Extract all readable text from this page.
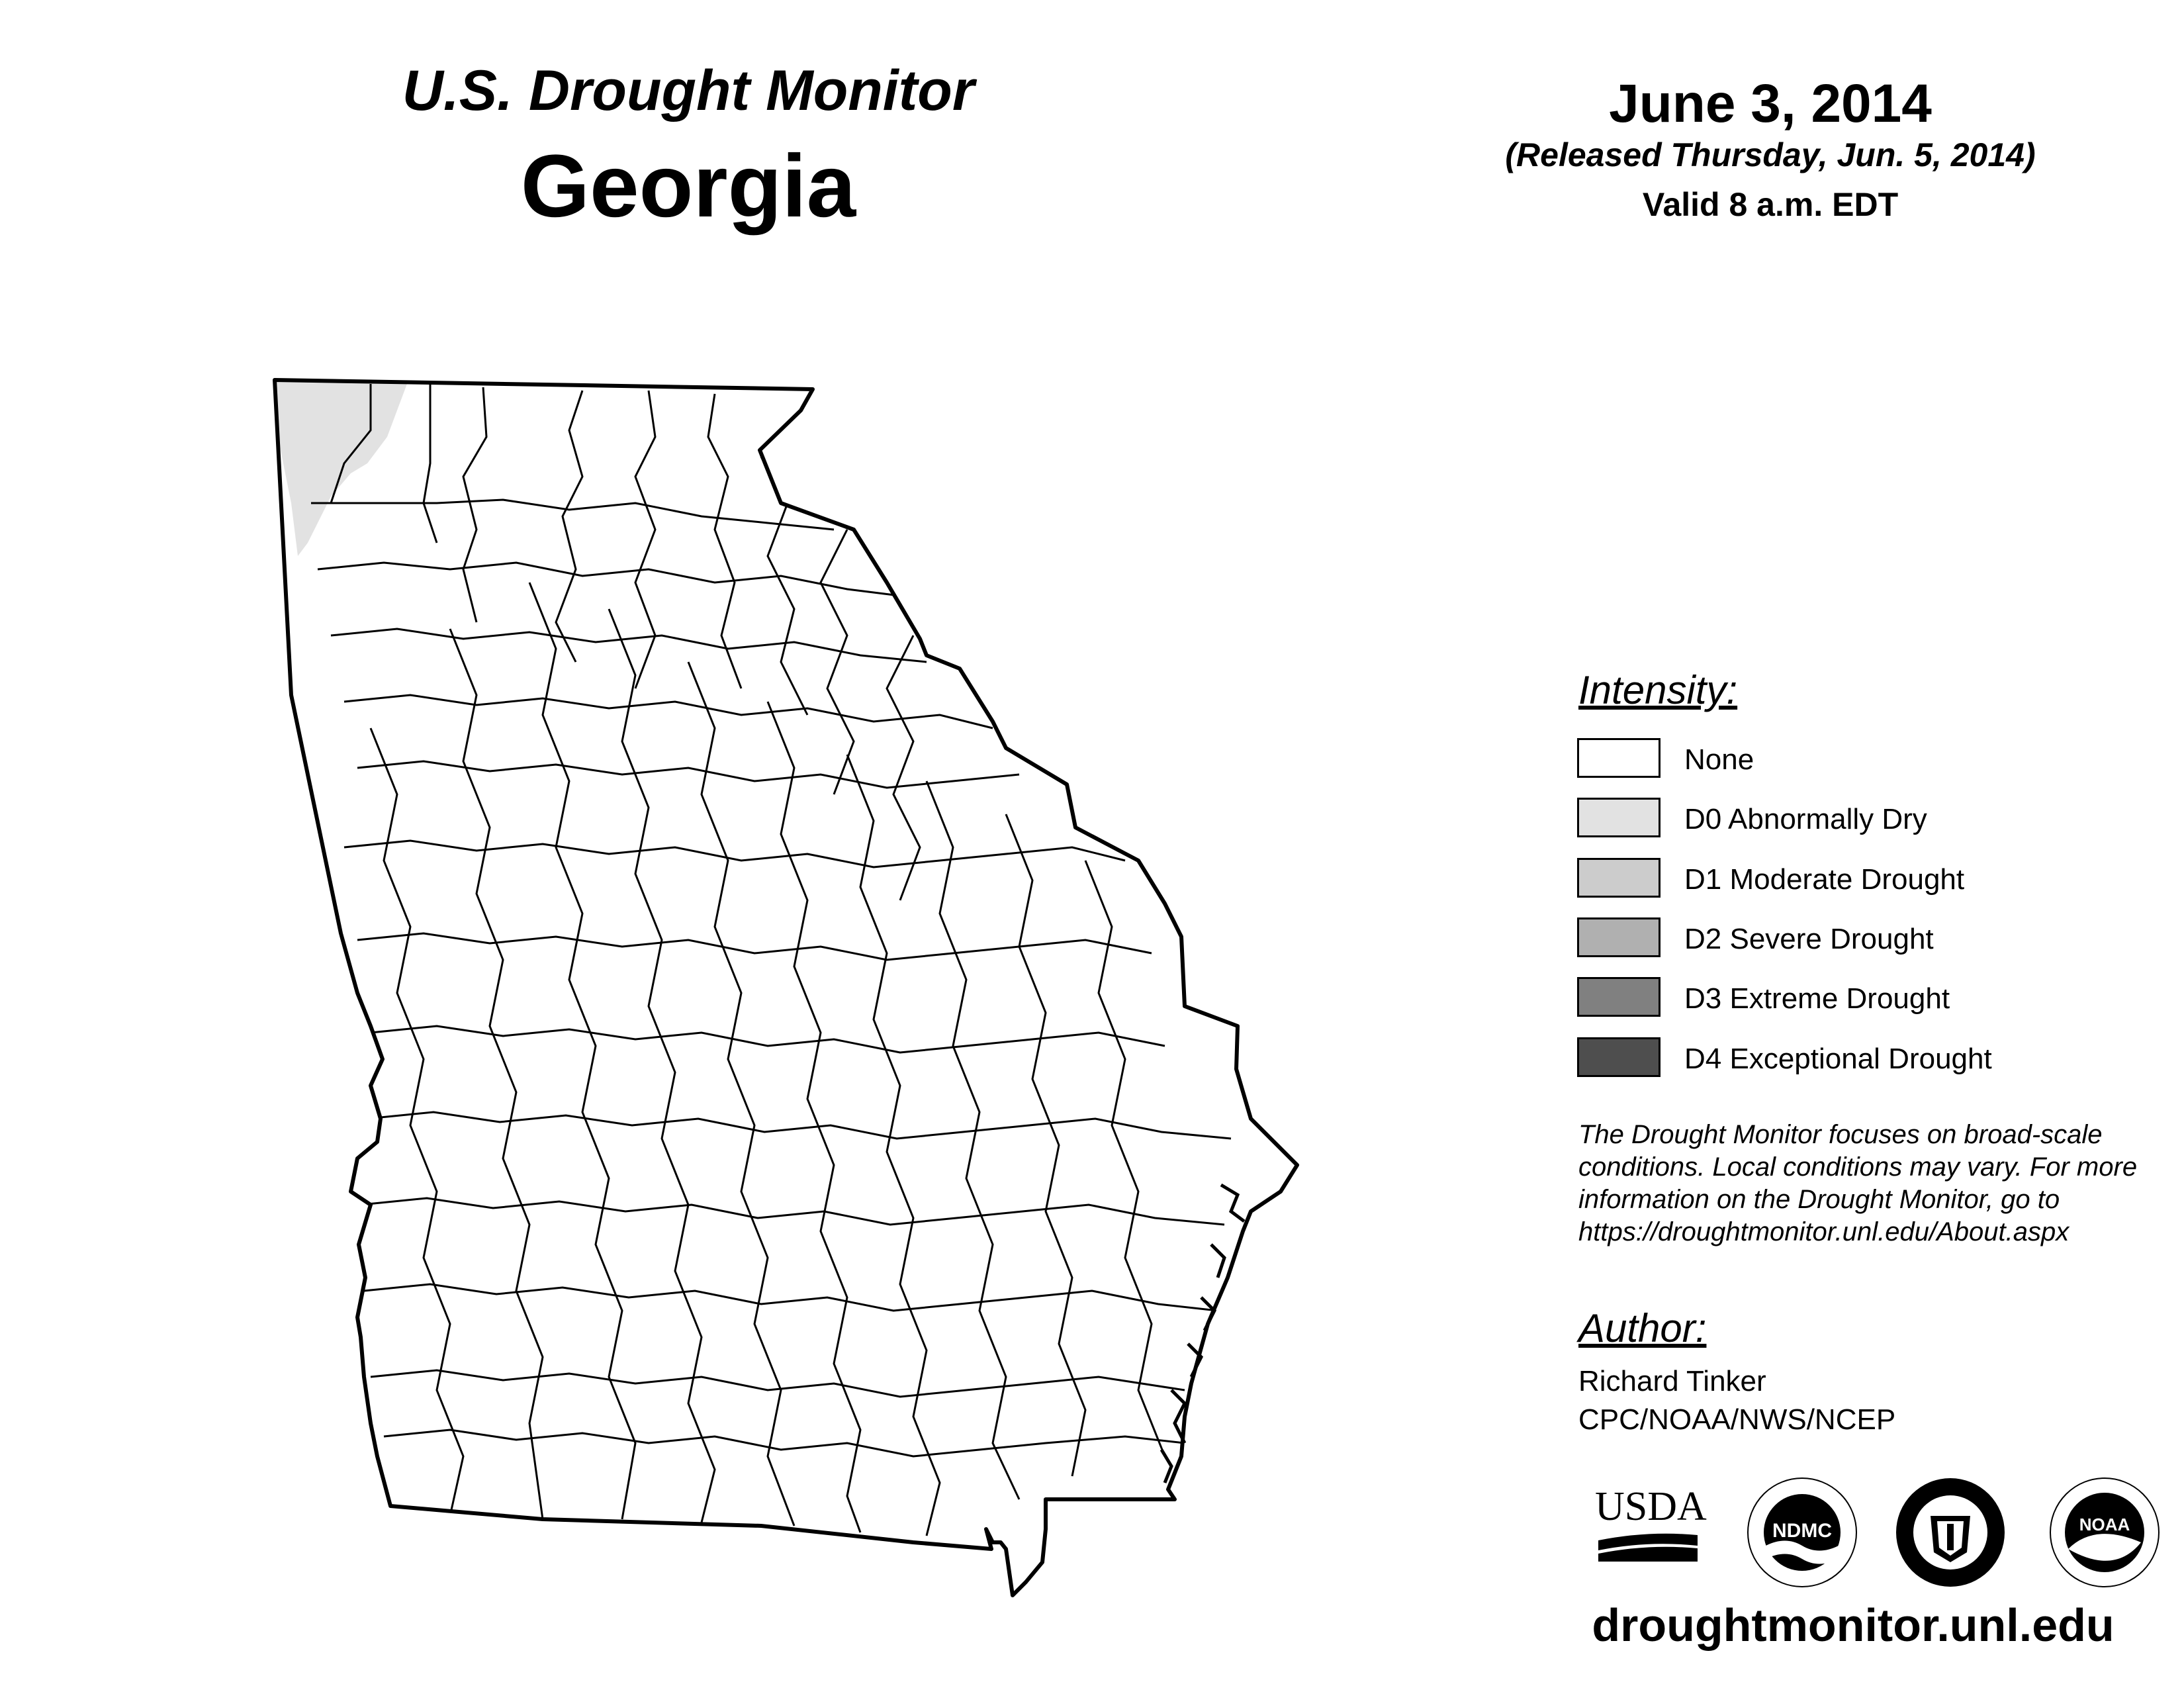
U.S. Drought Monitor
Georgia
June 3, 2014
(Released Thursday, Jun. 5, 2014)
Valid 8 a.m. EDT
Intensity:
None
D0 Abnormally Dry
D1 Moderate Drought
D2 Severe Drought
D3 Extreme Drought
D4 Exceptional Drought
The Drought Monitor focuses on broad-scale
conditions. Local conditions may vary. For more
information on the Drought Monitor, go to
https://droughtmonitor.unl.edu/About.aspx
Author:
Richard Tinker
CPC/NOAA/NWS/NCEP
USDA
NDMC	NOAA
droughtmonitor.unl.edu
